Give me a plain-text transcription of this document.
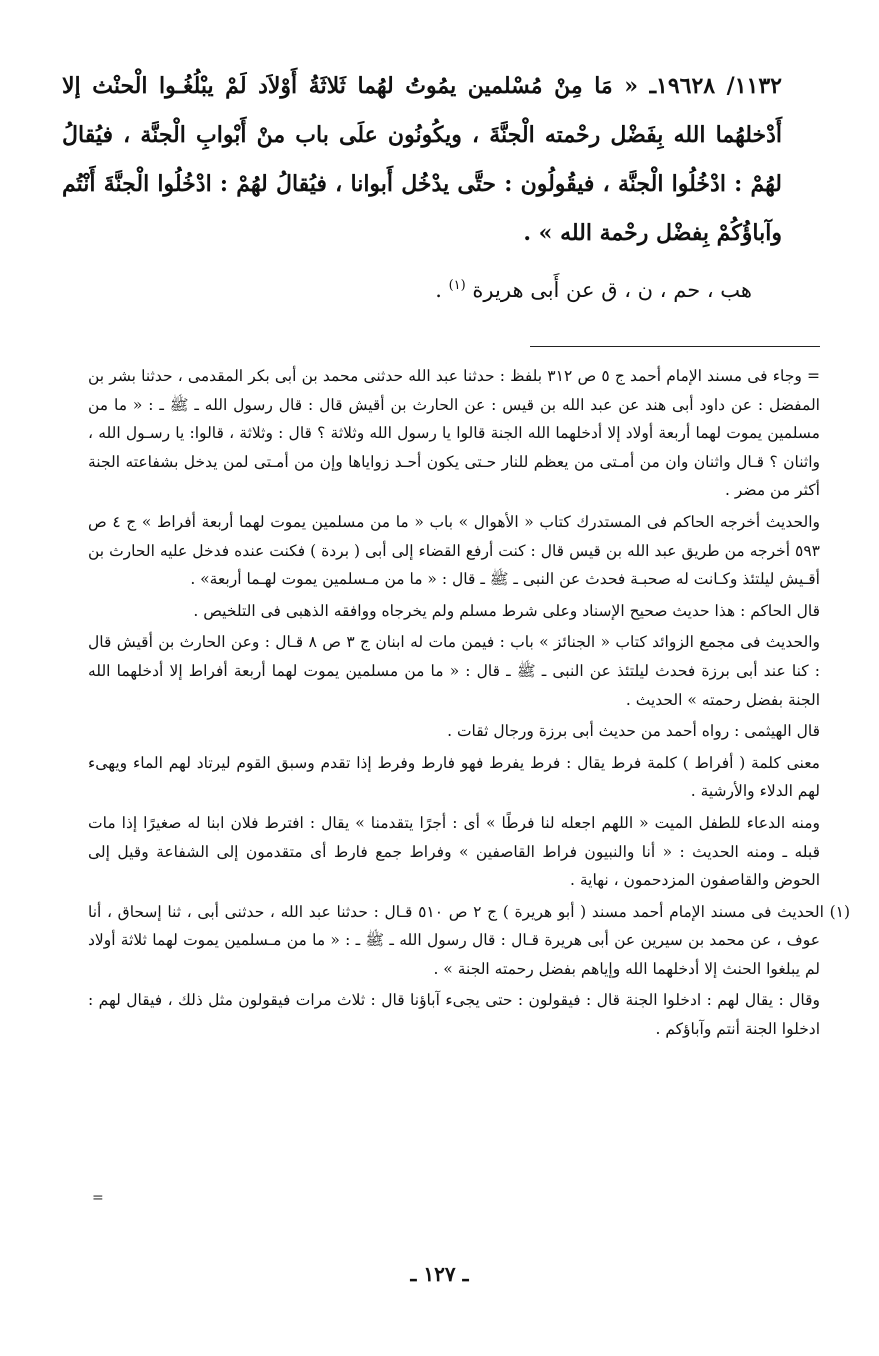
١١٣٢/ ١٩٦٢٨ـ « مَا مِنْ مُسْلمين يمُوتُ لهُما ثَلاثَةُ أَوْلاَد لَمْ يبْلُغُـوا الْحنْث إلا أَدْخلهُما الله بِفَضْل رحْمته الْجنَّةَ ، ويكُونُون علَى باب منْ أَبْوابِ الْجنَّة ، فيُقالُ لهُمْ : ادْخُلُوا الْجنَّة ، فيقُولُون : حتَّى يدْخُل أَبوانا ، فيُقالُ لهُمْ : ادْخُلُوا الْجنَّةَ أَنْتُم وآباؤُكُمْ بِفضْل رحْمة الله » .

هب ، حم ، ن ، ق عن أَبى هريرة $^{(١)}$ .

= وجاء فى مسند الإمام أحمد ج ٥ ص ٣١٢ بلفظ : حدثنا عبد الله حدثنى محمد بن أبى بكر المقدمى ، حدثنا بشر بن المفضل : عن داود أبى هند عن عبد الله بن قيس : عن الحارث بن أقيش قال : قال رسول الله ـ ﷺ ـ : « ما من مسلمين يموت لهما أربعة أولاد إلا أدخلهما الله الجنة قالوا يا رسول الله وثلاثة ؟ قال : وثلاثة ، قالوا: يا رسـول الله ، واثنان ؟ قـال واثنان وان من أمـتى من يعظم للنار حـتى يكون أحـد زواياها وإن من أمـتى لمن يدخل بشفاعته الجنة أكثر من مضر .

والحديث أخرجه الحاكم فى المستدرك كتاب « الأهوال » باب « ما من مسلمين يموت لهما أربعة أفراط » ج ٤ ص ٥٩٣ أخرجه من طريق عبد الله بن قيس قال : كنت أرفع القضاء إلى أبى ( بردة ) فكنت عنده فدخل عليه الحارث بن أقـيش ليلتئذ وكـانت له صحبـة فحدث عن النبى ـ ﷺ ـ قال : « ما من مـسلمين يموت لهـما أربعة» .

قال الحاكم : هذا حديث صحيح الإسناد وعلى شرط مسلم ولم يخرجاه ووافقه الذهبى فى التلخيص .

والحديث فى مجمع الزوائد كتاب « الجنائز » باب : فيمن مات له ابنان ج ٣ ص ٨ قـال : وعن الحارث بن أقيش قال : كنا عند أبى برزة فحدث ليلتئذ عن النبى ـ ﷺ ـ قال : « ما من مسلمين يموت لهما أربعة أفراط إلا أدخلهما الله الجنة بفضل رحمته » الحديث .

قال الهيثمى : رواه أحمد من حديث أبى برزة ورجال ثقات .

معنى كلمة ( أفراط ) كلمة فرط يقال : فرط يفرط فهو فارط وفرط إذا تقدم وسبق القوم ليرتاد لهم الماء ويهىء لهم الدلاء والأرشية .

ومنه الدعاء للطفل الميت « اللهم اجعله لنا فرطًا » أى : أجرًا يتقدمنا » يقال : افترط فلان ابنا له صغيرًا إذا مات قبله ـ ومنه الحديث : « أنا والنبيون فراط القاصفين » وفراط جمع فارط أى متقدمون إلى الشفاعة وقيل إلى الحوض والقاصفون المزدحمون ، نهاية .

(١) الحديث فى مسند الإمام أحمد مسند ( أبو هريرة ) ج ٢ ص ٥١٠ قـال : حدثنا عبد الله ، حدثنى أبى ، ثنا إسحاق ، أنا عوف ، عن محمد بن سيرين عن أبى هريرة قـال : قال رسول الله ـ ﷺ ـ : « ما من مـسلمين يموت لهما ثلاثة أولاد لم يبلغوا الحنث إلا أدخلهما الله وإياهم بفضل رحمته الجنة » .

وقال : يقال لهم : ادخلوا الجنة قال : فيقولون : حتى يجىء آباؤنا قال : ثلاث مرات فيقولون مثل ذلك ، فيقال لهم : ادخلوا الجنة أنتم وآباؤكم .

=
ـ ١٢٧ ـ
